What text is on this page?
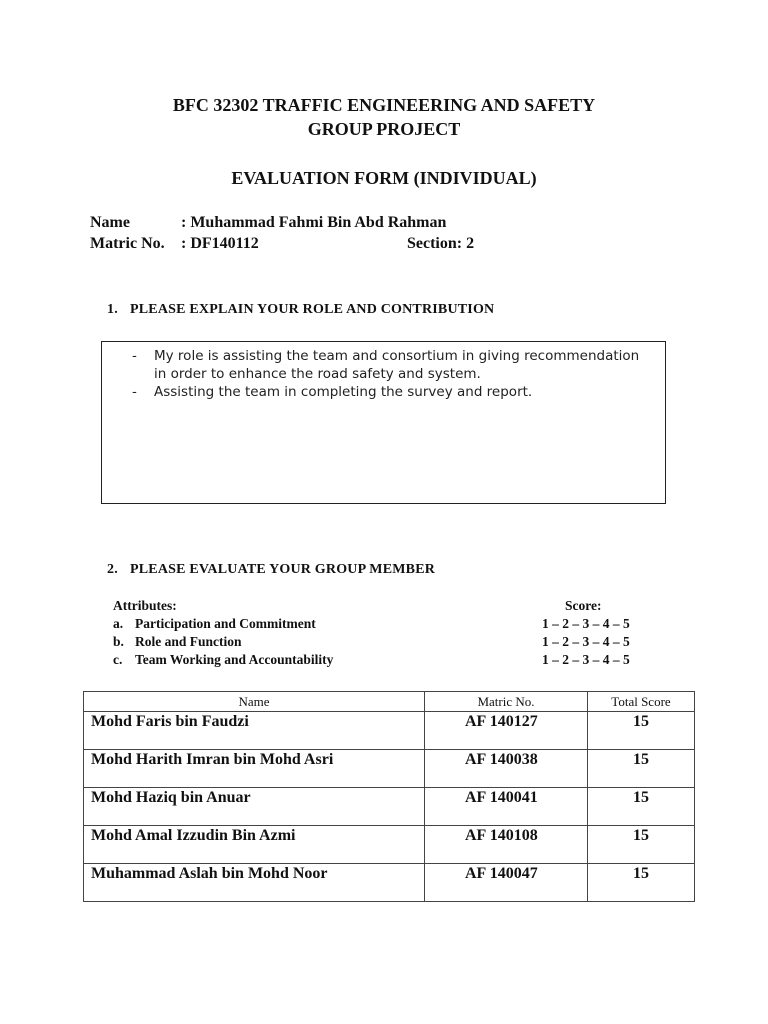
BFC 32302 TRAFFIC ENGINEERING AND SAFETY
GROUP PROJECT
EVALUATION FORM (INDIVIDUAL)
Name	: Muhammad Fahmi Bin Abd Rahman
Matric No. : DF140112	Section: 2
1. PLEASE EXPLAIN YOUR ROLE AND CONTRIBUTION
- My role is assisting the team and consortium in giving recommendation in order to enhance the road safety and system.
- Assisting the team in completing the survey and report.
2. PLEASE EVALUATE YOUR GROUP MEMBER
Attributes:	Score:
a. Participation and Commitment	1 – 2 – 3 – 4 – 5
b. Role and Function	1 – 2 – 3 – 4 – 5
c. Team Working and Accountability	1 – 2 – 3 – 4 – 5
Name	Matric No.	Total Score
Mohd Faris bin Faudzi	AF 140127	15
Mohd Harith Imran bin Mohd Asri	AF 140038	15
Mohd Haziq bin Anuar	AF 140041	15
Mohd Amal Izzudin Bin Azmi	AF 140108	15
Muhammad Aslah bin Mohd Noor	AF 140047	15
